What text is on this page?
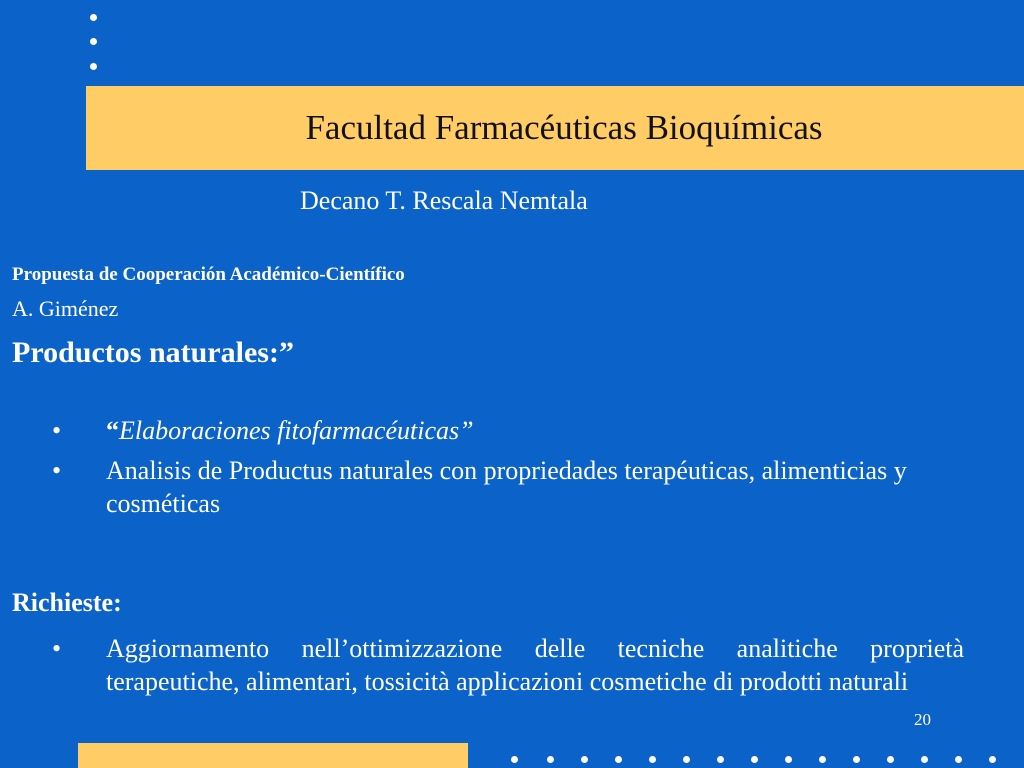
Facultad Farmacéuticas Bioquímicas
Decano T. Rescala Nemtala
Propuesta de Cooperación Académico-Científico
A. Giménez
Productos naturales:”
• “Elaboraciones fitofarmacéuticas”
• Analisis de Productus naturales con propriedades terapéuticas, alimenticias y cosméticas
Richieste:
• Aggiornamento nell’ottimizzazione delle tecniche analitiche proprietà terapeutiche, alimentari, tossicità applicazioni cosmetiche di prodotti naturali
20
